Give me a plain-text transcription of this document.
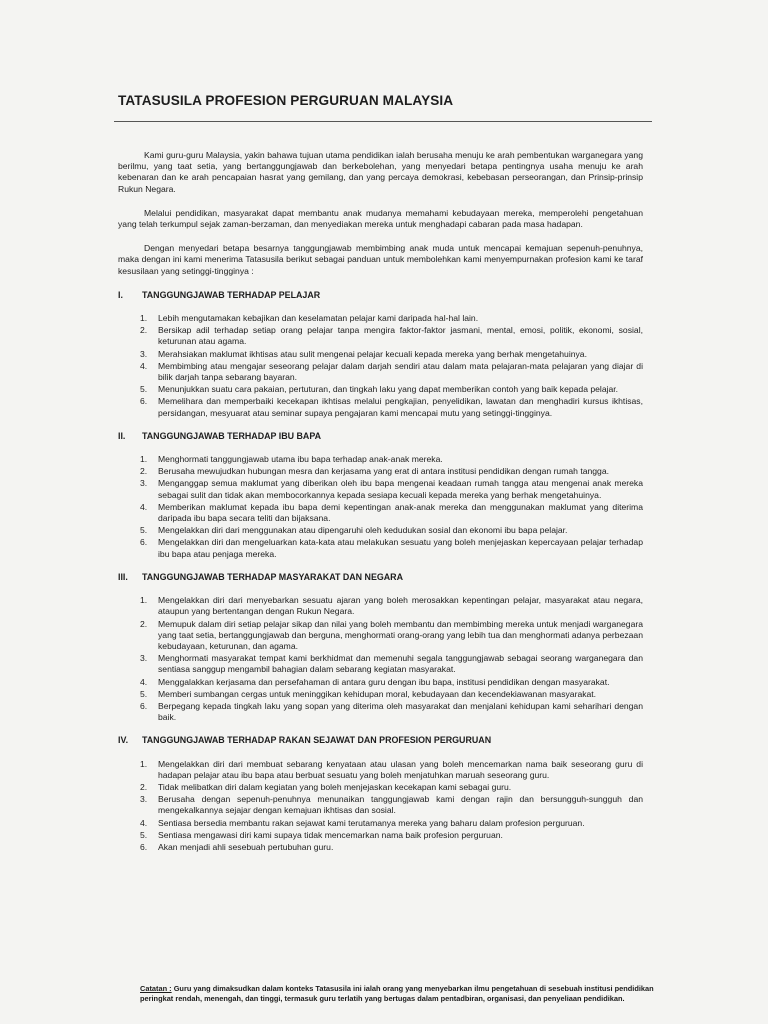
TATASUSILA PROFESION PERGURUAN MALAYSIA

Kami guru-guru Malaysia, yakin bahawa tujuan utama pendidikan ialah berusaha menuju ke arah pembentukan warganegara yang berilmu, yang taat setia, yang bertanggungjawab dan berkebolehan, yang menyedari betapa pentingnya usaha menuju ke arah kebenaran dan ke arah pencapaian hasrat yang gemilang, dan yang percaya demokrasi, kebebasan perseorangan, dan Prinsip-prinsip Rukun Negara.

Melalui pendidikan, masyarakat dapat membantu anak mudanya memahami kebudayaan mereka, memperolehi pengetahuan yang telah terkumpul sejak zaman-berzaman, dan menyediakan mereka untuk menghadapi cabaran pada masa hadapan.

Dengan menyedari betapa besarnya tanggungjawab membimbing anak muda untuk mencapai kemajuan sepenuh-penuhnya, maka dengan ini kami menerima Tatasusila berikut sebagai panduan untuk membolehkan kami menyempurnakan profesion kami ke taraf kesusilaan yang setinggi-tingginya :

I.	TANGGUNGJAWAB TERHADAP PELAJAR
1.	Lebih mengutamakan kebajikan dan keselamatan pelajar kami daripada hal-hal lain.
2.	Bersikap adil terhadap setiap orang pelajar tanpa mengira faktor-faktor jasmani, mental, emosi, politik, ekonomi, sosial, keturunan atau agama.
3.	Merahsiakan maklumat ikhtisas atau sulit mengenai pelajar kecuali kepada mereka yang berhak mengetahuinya.
4.	Membimbing atau mengajar seseorang pelajar dalam darjah sendiri atau dalam mata pelajaran-mata pelajaran yang diajar di bilik darjah tanpa sebarang bayaran.
5.	Menunjukkan suatu cara pakaian, pertuturan, dan tingkah laku yang dapat memberikan contoh yang baik kepada pelajar.
6.	Memelihara dan memperbaiki kecekapan ikhtisas melalui pengkajian, penyelidikan, lawatan dan menghadiri kursus ikhtisas, persidangan, mesyuarat atau seminar supaya pengajaran kami mencapai mutu yang setinggi-tingginya.
II.	TANGGUNGJAWAB TERHADAP IBU BAPA
1.	Menghormati tanggungjawab utama ibu bapa terhadap anak-anak mereka.
2.	Berusaha mewujudkan hubungan mesra dan kerjasama yang erat di antara institusi pendidikan dengan rumah tangga.
3.	Menganggap semua maklumat yang diberikan oleh ibu bapa mengenai keadaan rumah tangga atau mengenai anak mereka sebagai sulit dan tidak akan membocorkannya kepada sesiapa kecuali kepada mereka yang berhak mengetahuinya.
4.	Memberikan maklumat kepada ibu bapa demi kepentingan anak-anak mereka dan menggunakan maklumat yang diterima daripada ibu bapa secara teliti dan bijaksana.
5.	Mengelakkan diri dari menggunakan atau dipengaruhi oleh kedudukan sosial dan ekonomi ibu bapa pelajar.
6.	Mengelakkan diri dan mengeluarkan kata-kata atau melakukan sesuatu yang boleh menjejaskan kepercayaan pelajar terhadap ibu bapa atau penjaga mereka.
III.	TANGGUNGJAWAB TERHADAP MASYARAKAT DAN NEGARA
1.	Mengelakkan diri dari menyebarkan sesuatu ajaran yang boleh merosakkan kepentingan pelajar, masyarakat atau negara, ataupun yang bertentangan dengan Rukun Negara.
2.	Memupuk dalam diri setiap pelajar sikap dan nilai yang boleh membantu dan membimbing mereka untuk menjadi warganegara yang taat setia, bertanggungjawab dan berguna, menghormati orang-orang yang lebih tua dan menghormati adanya perbezaan kebudayaan, keturunan, dan agama.
3.	Menghormati masyarakat tempat kami berkhidmat dan memenuhi segala tanggungjawab sebagai seorang warganegara dan sentiasa sanggup mengambil bahagian dalam sebarang kegiatan masyarakat.
4.	Menggalakkan kerjasama dan persefahaman di antara guru dengan ibu bapa, institusi pendidikan dengan masyarakat.
5.	Memberi sumbangan cergas untuk meninggikan kehidupan moral, kebudayaan dan kecendekiawanan masyarakat.
6.	Berpegang kepada tingkah laku yang sopan yang diterima oleh masyarakat dan menjalani kehidupan kami seharihari dengan baik.
IV.	TANGGUNGJAWAB TERHADAP RAKAN SEJAWAT DAN PROFESION PERGURUAN
1.	Mengelakkan diri dari membuat sebarang kenyataan atau ulasan yang boleh mencemarkan nama baik seseorang guru di hadapan pelajar atau ibu bapa atau berbuat sesuatu yang boleh menjatuhkan maruah seseorang guru.
2.	Tidak melibatkan diri dalam kegiatan yang boleh menjejaskan kecekapan kami sebagai guru.
3.	Berusaha dengan sepenuh-penuhnya menunaikan tanggungjawab kami dengan rajin dan bersungguh-sungguh dan mengekalkannya sejajar dengan kemajuan ikhtisas dan sosial.
4.	Sentiasa bersedia membantu rakan sejawat kami terutamanya mereka yang baharu dalam profesion perguruan.
5.	Sentiasa mengawasi diri kami supaya tidak mencemarkan nama baik profesion perguruan.
6.	Akan menjadi ahli sesebuah pertubuhan guru.
Catatan : Guru yang dimaksudkan dalam konteks Tatasusila ini ialah orang yang menyebarkan ilmu pengetahuan di sesebuah institusi pendidikan peringkat rendah, menengah, dan tinggi, termasuk guru terlatih yang bertugas dalam pentadbiran, organisasi, dan penyeliaan pendidikan.
